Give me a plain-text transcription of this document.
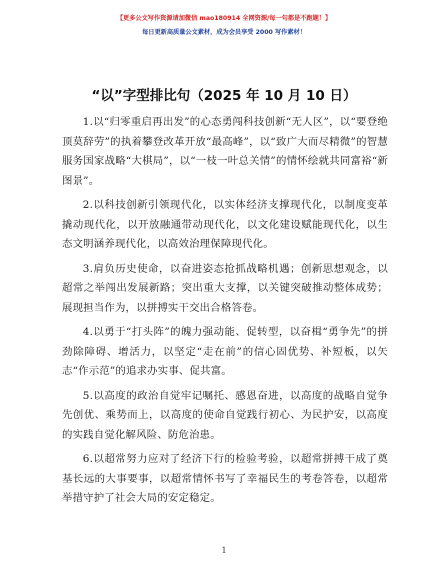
【更多公文写作资源请加微信 mao180914 全网资源/每一句都是不跑题！】
每日更新高质量公文素材，成为会员享受 2000 写作素材！
“以”字型排比句（2025 年 10 月 10 日）

1.以“归零重启再出发”的心态勇闯科技创新“无人区”，以“要登绝顶莫辞劳”的执着攀登改革开放“最高峰”，以“致广大而尽精微”的智慧服务国家战略“大棋局”，以“一枝一叶总关情”的情怀绘就共同富裕“新图景”。

2.以科技创新引领现代化，以实体经济支撑现代化，以制度变革撬动现代化，以开放融通带动现代化，以文化建设赋能现代化，以生态文明涵养现代化，以高效治理保障现代化。

3.肩负历史使命，以奋进姿态抢抓战略机遇；创新思想观念，以超常之举闯出发展新路；突出重大支撑，以关键突破推动整体成势；展现担当作为，以拼搏实干交出合格答卷。

4.以勇于“打头阵”的魄力强动能、促转型，以奋楫“勇争先”的拼劲除障碍、增活力，以坚定“走在前”的信心固优势、补短板，以矢志“作示范”的追求办实事、促共富。

5.以高度的政治自觉牢记嘱托、感恩奋进，以高度的战略自觉争先创优、乘势而上，以高度的使命自觉践行初心、为民护安，以高度的实践自觉化解风险、防危治患。

6.以超常努力应对了经济下行的检验考验，以超常拼搏干成了奠基长远的大事要事，以超常情怀书写了幸福民生的考卷答卷，以超常举措守护了社会大局的安定稳定。

1
